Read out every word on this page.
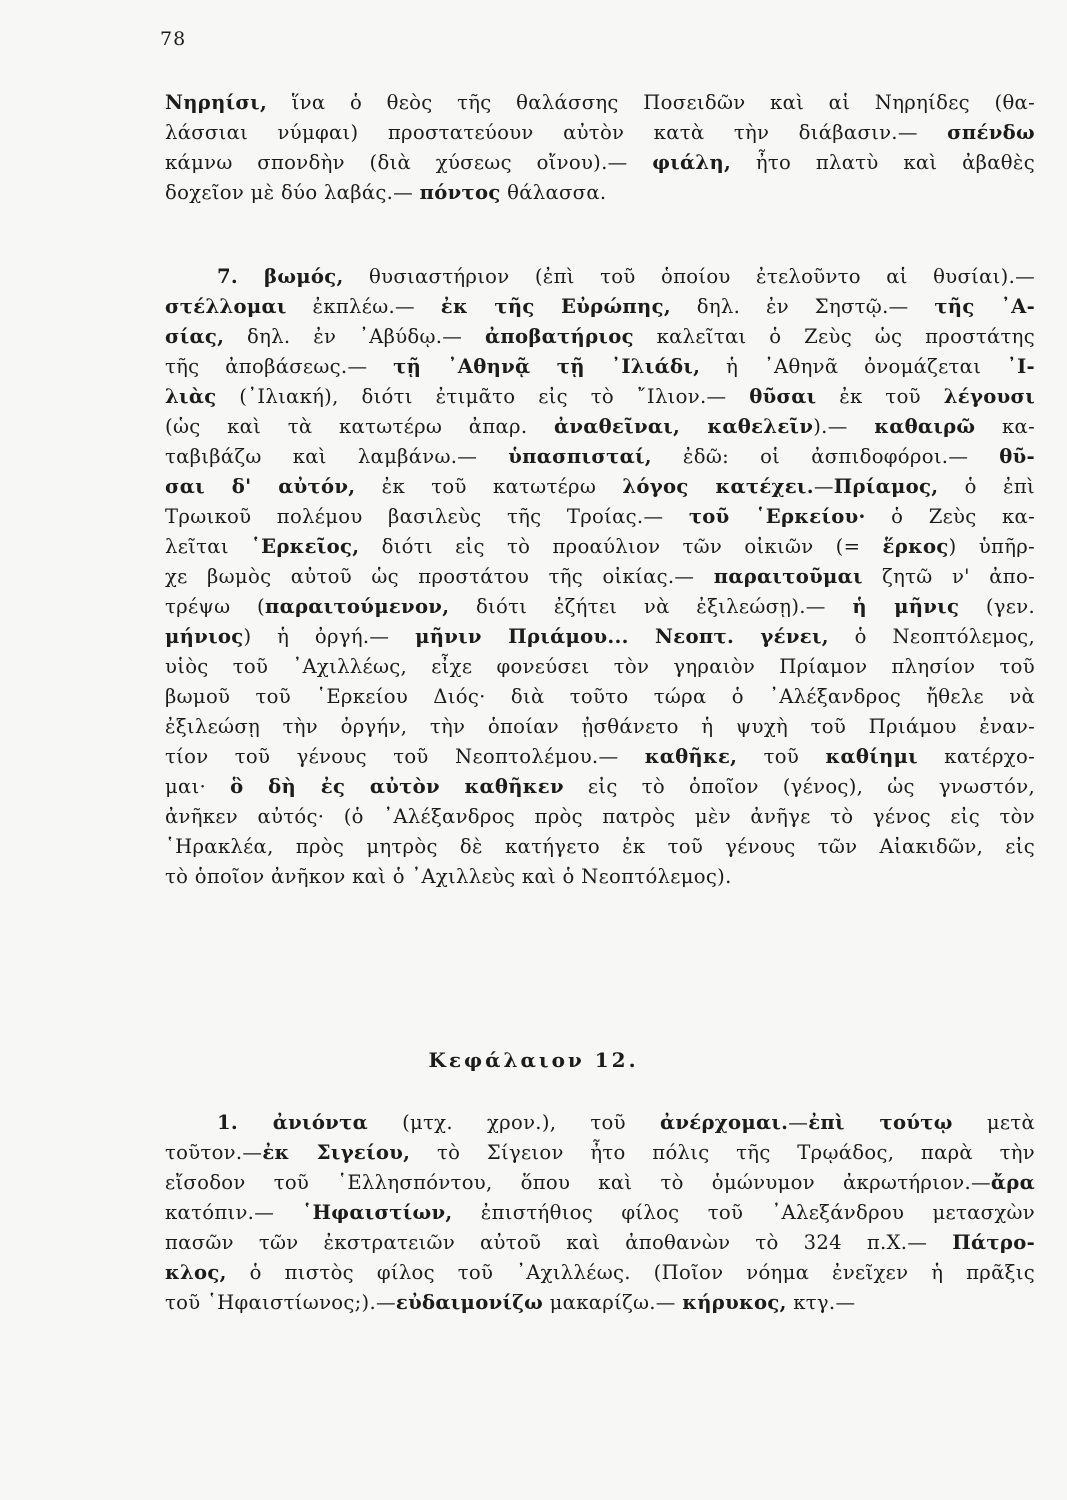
78
Νηρηίσι, ἵνα ὁ θεὸς τῆς θαλάσσης Ποσειδῶν καὶ αἱ Νηρηίδες (θα-
λάσσιαι νύμφαι) προστατεύουν αὐτὸν κατὰ τὴν διάβασιν.— σπένδω
κάμνω σπονδὴν (διὰ χύσεως οἴνου).— φιάλη, ἦτο πλατὺ καὶ ἀβαθὲς
δοχεῖον μὲ δύο λαβάς.— πόντος θάλασσα.
7. βωμός, θυσιαστήριον (ἐπὶ τοῦ ὁποίου ἐτελοῦντο αἱ θυσίαι).—
στέλλομαι ἐκπλέω.— ἐκ τῆς Εὐρώπης, δηλ. ἐν Σηστῷ.— τῆς ᾿Α-
σίας, δηλ. ἐν ᾿Αβύδῳ.— ἀποβατήριος καλεῖται ὁ Ζεὺς ὡς προστάτης
τῆς ἀποβάσεως.— τῇ ᾿Αθηνᾷ τῇ ᾿Ιλιάδι, ἡ ᾿Αθηνᾶ ὀνομάζεται ᾿Ι-
λιὰς (᾿Ιλιακή), διότι ἐτιμᾶτο εἰς τὸ ῎Ιλιον.— θῦσαι ἐκ τοῦ λέγουσι
(ὡς καὶ τὰ κατωτέρω ἀπαρ. ἀναθεῖναι, καθελεῖν).— καθαιρῶ κα-
ταβιβάζω καὶ λαμβάνω.— ὑπασπισταί, ἐδῶ: οἱ ἀσπιδοφόροι.— θῦ-
σαι δ' αὐτόν, ἐκ τοῦ κατωτέρω λόγος κατέχει.—Πρίαμος, ὁ ἐπὶ
Τρωικοῦ πολέμου βασιλεὺς τῆς Τροίας.— τοῦ ῾Ερκείου· ὁ Ζεὺς κα-
λεῖται ῾Ερκεῖος, διότι εἰς τὸ προαύλιον τῶν οἰκιῶν (= ἕρκος) ὑπῆρ-
χε βωμὸς αὐτοῦ ὡς προστάτου τῆς οἰκίας.— παραιτοῦμαι ζητῶ ν' ἀπο-
τρέψω (παραιτούμενον, διότι ἐζήτει νὰ ἐξιλεώσῃ).— ἡ μῆνις (γεν.
μήνιος) ἡ ὀργή.— μῆνιν Πριάμου... Νεοπτ. γένει, ὁ Νεοπτόλεμος,
υἱὸς τοῦ ᾿Αχιλλέως, εἶχε φονεύσει τὸν γηραιὸν Πρίαμον πλησίον τοῦ
βωμοῦ τοῦ ῾Ερκείου Διός· διὰ τοῦτο τώρα ὁ ᾿Αλέξανδρος ἤθελε νὰ
ἐξιλεώσῃ τὴν ὀργήν, τὴν ὁποίαν ᾐσθάνετο ἡ ψυχὴ τοῦ Πριάμου ἐναν-
τίον τοῦ γένους τοῦ Νεοπτολέμου.— καθῆκε, τοῦ καθίημι κατέρχο-
μαι· ὃ δὴ ἐς αὐτὸν καθῆκεν εἰς τὸ ὁποῖον (γένος), ὡς γνωστόν,
ἀνῆκεν αὐτός· (ὁ ᾿Αλέξανδρος πρὸς πατρὸς μὲν ἀνῆγε τὸ γένος εἰς τὸν
῾Ηρακλέα, πρὸς μητρὸς δὲ κατήγετο ἐκ τοῦ γένους τῶν Αἰακιδῶν, εἰς
τὸ ὁποῖον ἀνῆκον καὶ ὁ ᾿Αχιλλεὺς καὶ ὁ Νεοπτόλεμος).
Κεφάλαιον 12.
1. ἀνιόντα (μτχ. χρον.), τοῦ ἀνέρχομαι.—ἐπὶ τούτῳ μετὰ
τοῦτον.—ἐκ Σιγείου, τὸ Σίγειον ἦτο πόλις τῆς Τρῳάδος, παρὰ τὴν
εἴσοδον τοῦ ῾Ελλησπόντου, ὅπου καὶ τὸ ὁμώνυμον ἀκρωτήριον.—ἄρα
κατόπιν.— ῾Ηφαιστίων, ἐπιστήθιος φίλος τοῦ ᾿Αλεξάνδρου μετασχὼν
πασῶν τῶν ἐκστρατειῶν αὐτοῦ καὶ ἀποθανὼν τὸ 324 π.Χ.— Πάτρο-
κλος, ὁ πιστὸς φίλος τοῦ ᾿Αχιλλέως. (Ποῖον νόημα ἐνεῖχεν ἡ πρᾶξις
τοῦ ῾Ηφαιστίωνος;).—εὐδαιμονίζω μακαρίζω.— κήρυκος, κτγ.—
